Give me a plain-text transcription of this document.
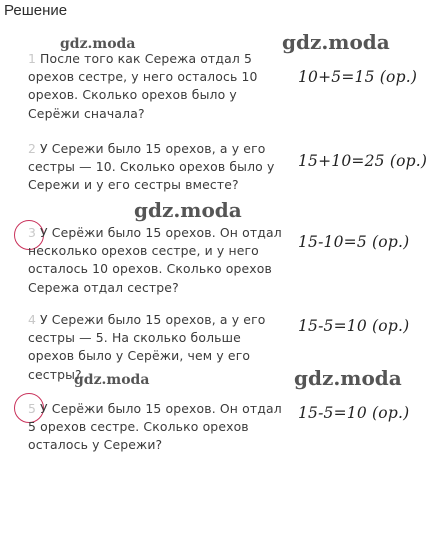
Решение
1 После того как Сережа отдал 5 орехов сестре, у него осталось 10 орехов. Сколько орехов было у Серёжи сначала?
10+5=15 (ор.)
2 У Сережи было 15 орехов, а у его сестры — 10. Сколько орехов было у Сережи и у его сестры вместе?
15+10=25 (ор.)
3 У Серёжи было 15 орехов. Он отдал несколько орехов сестре, и у него осталось 10 орехов. Сколько орехов Сережа отдал сестре?
15-10=5 (ор.)
4 У Сережи было 15 орехов, а у его сестры — 5. На сколько больше орехов было у Серёжи, чем у его сестры?
15-5=10 (ор.)
5 У Серёжи было 15 орехов. Он отдал 5 орехов сестре. Сколько орехов осталось у Сережи?
15-5=10 (ор.)
gdz.moda	gdz.moda
gdz.moda
gdz.moda	gdz.moda
